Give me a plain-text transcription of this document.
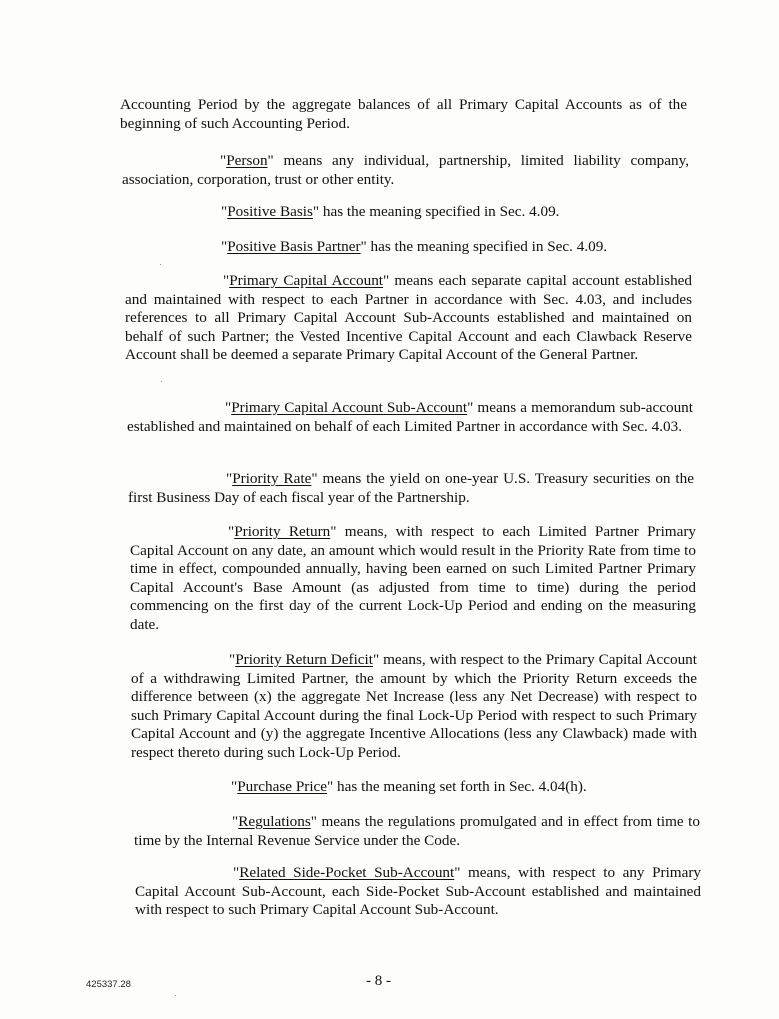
Accounting Period by the aggregate balances of all Primary Capital Accounts as of the beginning of such Accounting Period.

"Person" means any individual, partnership, limited liability company, association, corporation, trust or other entity.

"Positive Basis" has the meaning specified in Sec. 4.09.

"Positive Basis Partner" has the meaning specified in Sec. 4.09.

"Primary Capital Account" means each separate capital account established and maintained with respect to each Partner in accordance with Sec. 4.03, and includes references to all Primary Capital Account Sub-Accounts established and maintained on behalf of such Partner; the Vested Incentive Capital Account and each Clawback Reserve Account shall be deemed a separate Primary Capital Account of the General Partner.

"Primary Capital Account Sub-Account" means a memorandum sub-account established and maintained on behalf of each Limited Partner in accordance with Sec. 4.03.

"Priority Rate" means the yield on one-year U.S. Treasury securities on the first Business Day of each fiscal year of the Partnership.

"Priority Return" means, with respect to each Limited Partner Primary Capital Account on any date, an amount which would result in the Priority Rate from time to time in effect, compounded annually, having been earned on such Limited Partner Primary Capital Account's Base Amount (as adjusted from time to time) during the period commencing on the first day of the current Lock-Up Period and ending on the measuring date.

"Priority Return Deficit" means, with respect to the Primary Capital Account of a withdrawing Limited Partner, the amount by which the Priority Return exceeds the difference between (x) the aggregate Net Increase (less any Net Decrease) with respect to such Primary Capital Account during the final Lock-Up Period with respect to such Primary Capital Account and (y) the aggregate Incentive Allocations (less any Clawback) made with respect thereto during such Lock-Up Period.

"Purchase Price" has the meaning set forth in Sec. 4.04(h).

"Regulations" means the regulations promulgated and in effect from time to time by the Internal Revenue Service under the Code.

"Related Side-Pocket Sub-Account" means, with respect to any Primary Capital Account Sub-Account, each Side-Pocket Sub-Account established and maintained with respect to such Primary Capital Account Sub-Account.

425337.28	- 8 -
